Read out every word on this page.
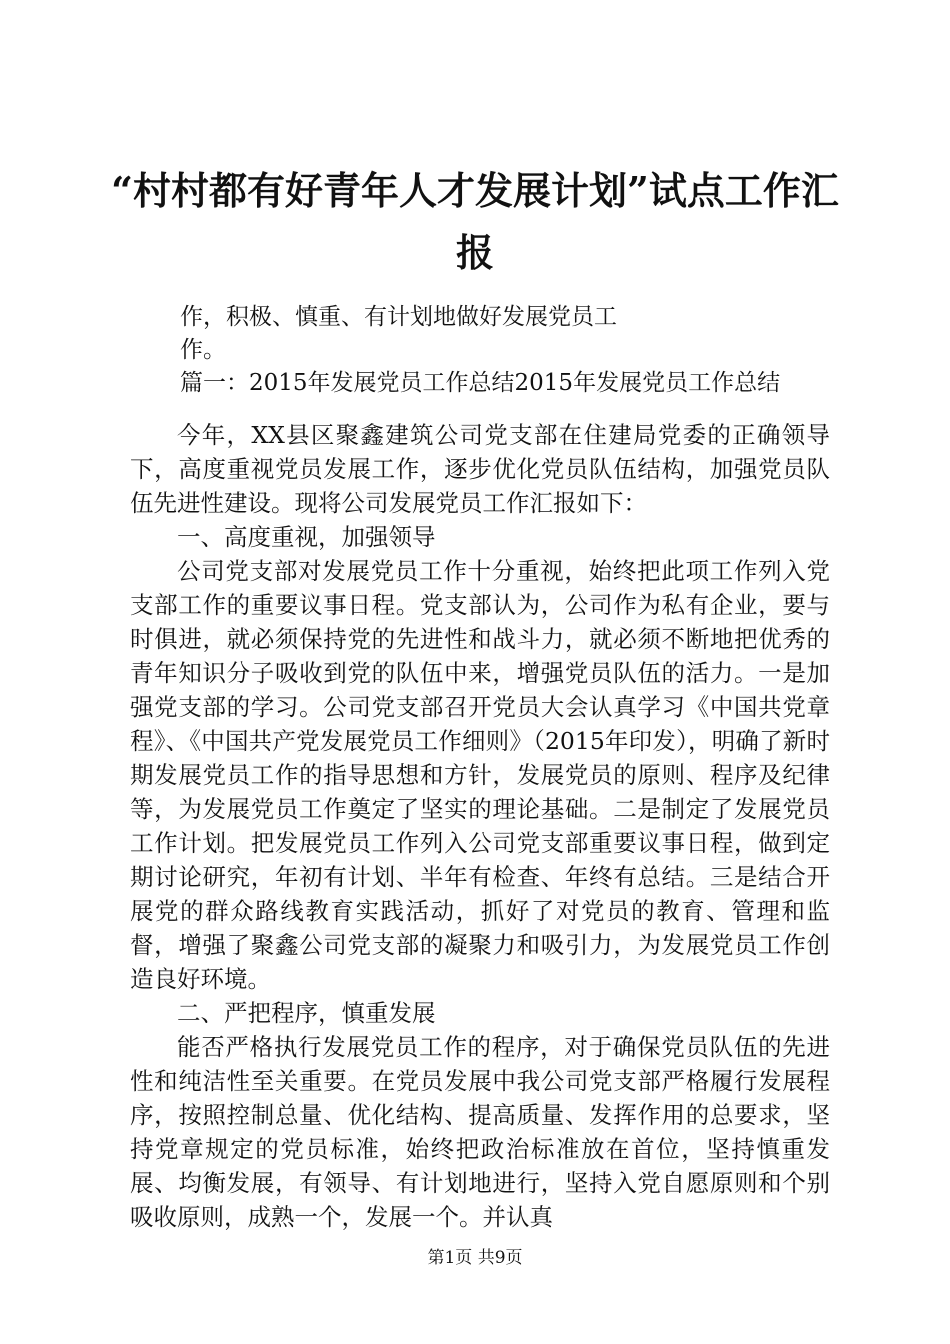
“村村都有好青年人才发展计划”试点工作汇
报

作，积极、慎重、有计划地做好发展党员工

作。

篇一：2015年发展党员工作总结2015年发展党员工作总结

今年，XX县区聚鑫建筑公司党支部在住建局党委的正确领导下，高度重视党员发展工作，逐步优化党员队伍结构，加强党员队伍先进性建设。现将公司发展党员工作汇报如下：

一、高度重视，加强领导

公司党支部对发展党员工作十分重视，始终把此项工作列入党支部工作的重要议事日程。党支部认为，公司作为私有企业，要与时俱进，就必须保持党的先进性和战斗力，就必须不断地把优秀的青年知识分子吸收到党的队伍中来，增强党员队伍的活力。一是加强党支部的学习。公司党支部召开党员大会认真学习《中国共党章程》、《中国共产党发展党员工作细则》（2015年印发），明确了新时期发展党员工作的指导思想和方针，发展党员的原则、程序及纪律等，为发展党员工作奠定了坚实的理论基础。二是制定了发展党员工作计划。把发展党员工作列入公司党支部重要议事日程，做到定期讨论研究，年初有计划、半年有检查、年终有总结。三是结合开展党的群众路线教育实践活动，抓好了对党员的教育、管理和监督，增强了聚鑫公司党支部的凝聚力和吸引力，为发展党员工作创造良好环境。

二、严把程序，慎重发展

能否严格执行发展党员工作的程序，对于确保党员队伍的先进性和纯洁性至关重要。在党员发展中我公司党支部严格履行发展程序，按照控制总量、优化结构、提高质量、发挥作用的总要求，坚持党章规定的党员标准，始终把政治标准放在首位，坚持慎重发展、均衡发展，有领导、有计划地进行，坚持入党自愿原则和个别吸收原则，成熟一个，发展一个。并认真

第1页 共9页
